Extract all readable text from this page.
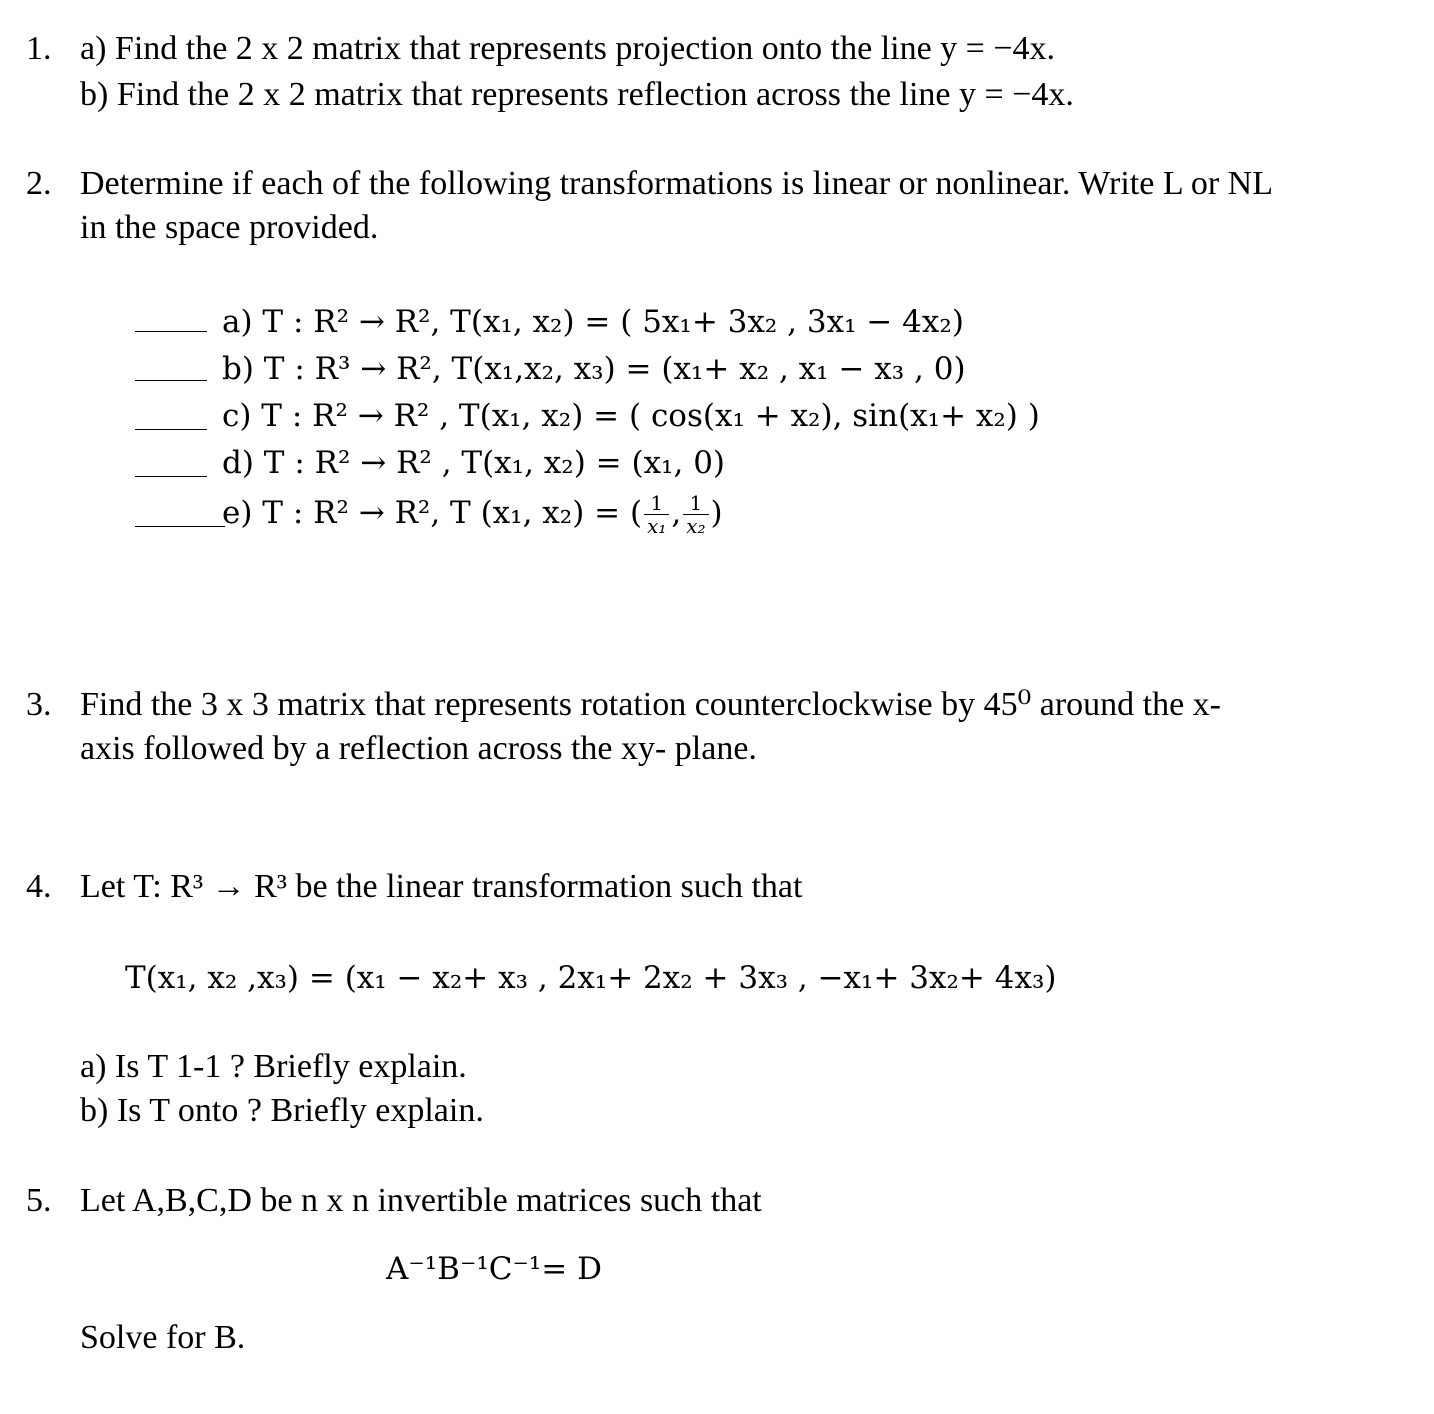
1. a) Find the 2 x 2 matrix that represents projection onto the line y = −4x.
b) Find the 2 x 2 matrix that represents reflection across the line y = −4x.
2. Determine if each of the following transformations is linear or nonlinear. Write L or NL
in the space provided.
a) T : R² → R², T(x₁, x₂) = ( 5x₁+ 3x₂ , 3x₁ − 4x₂)
b) T : R³ → R², T(x₁,x₂, x₃) = (x₁+ x₂ , x₁ − x₃ , 0)
c) T : R² → R² , T(x₁, x₂) = ( cos(x₁ + x₂), sin(x₁+ x₂) )
d) T : R² → R² , T(x₁, x₂) = (x₁, 0)
e) T : R² → R², T (x₁, x₂) = ( $\frac{1}{\text{x₁}}$ , $\frac{1}{\text{x₂}}$ )
3. Find the 3 x 3 matrix that represents rotation counterclockwise by 45⁰ around the x-
axis followed by a reflection across the xy- plane.
4. Let T: R³ → R³ be the linear transformation such that
T(x₁, x₂ ,x₃) = (x₁ − x₂+ x₃ , 2x₁+ 2x₂ + 3x₃ , −x₁+ 3x₂+ 4x₃)
a) Is T 1-1 ? Briefly explain.
b) Is T onto ? Briefly explain.
5. Let A,B,C,D be n x n invertible matrices such that
A⁻¹B⁻¹C⁻¹= D
Solve for B.
